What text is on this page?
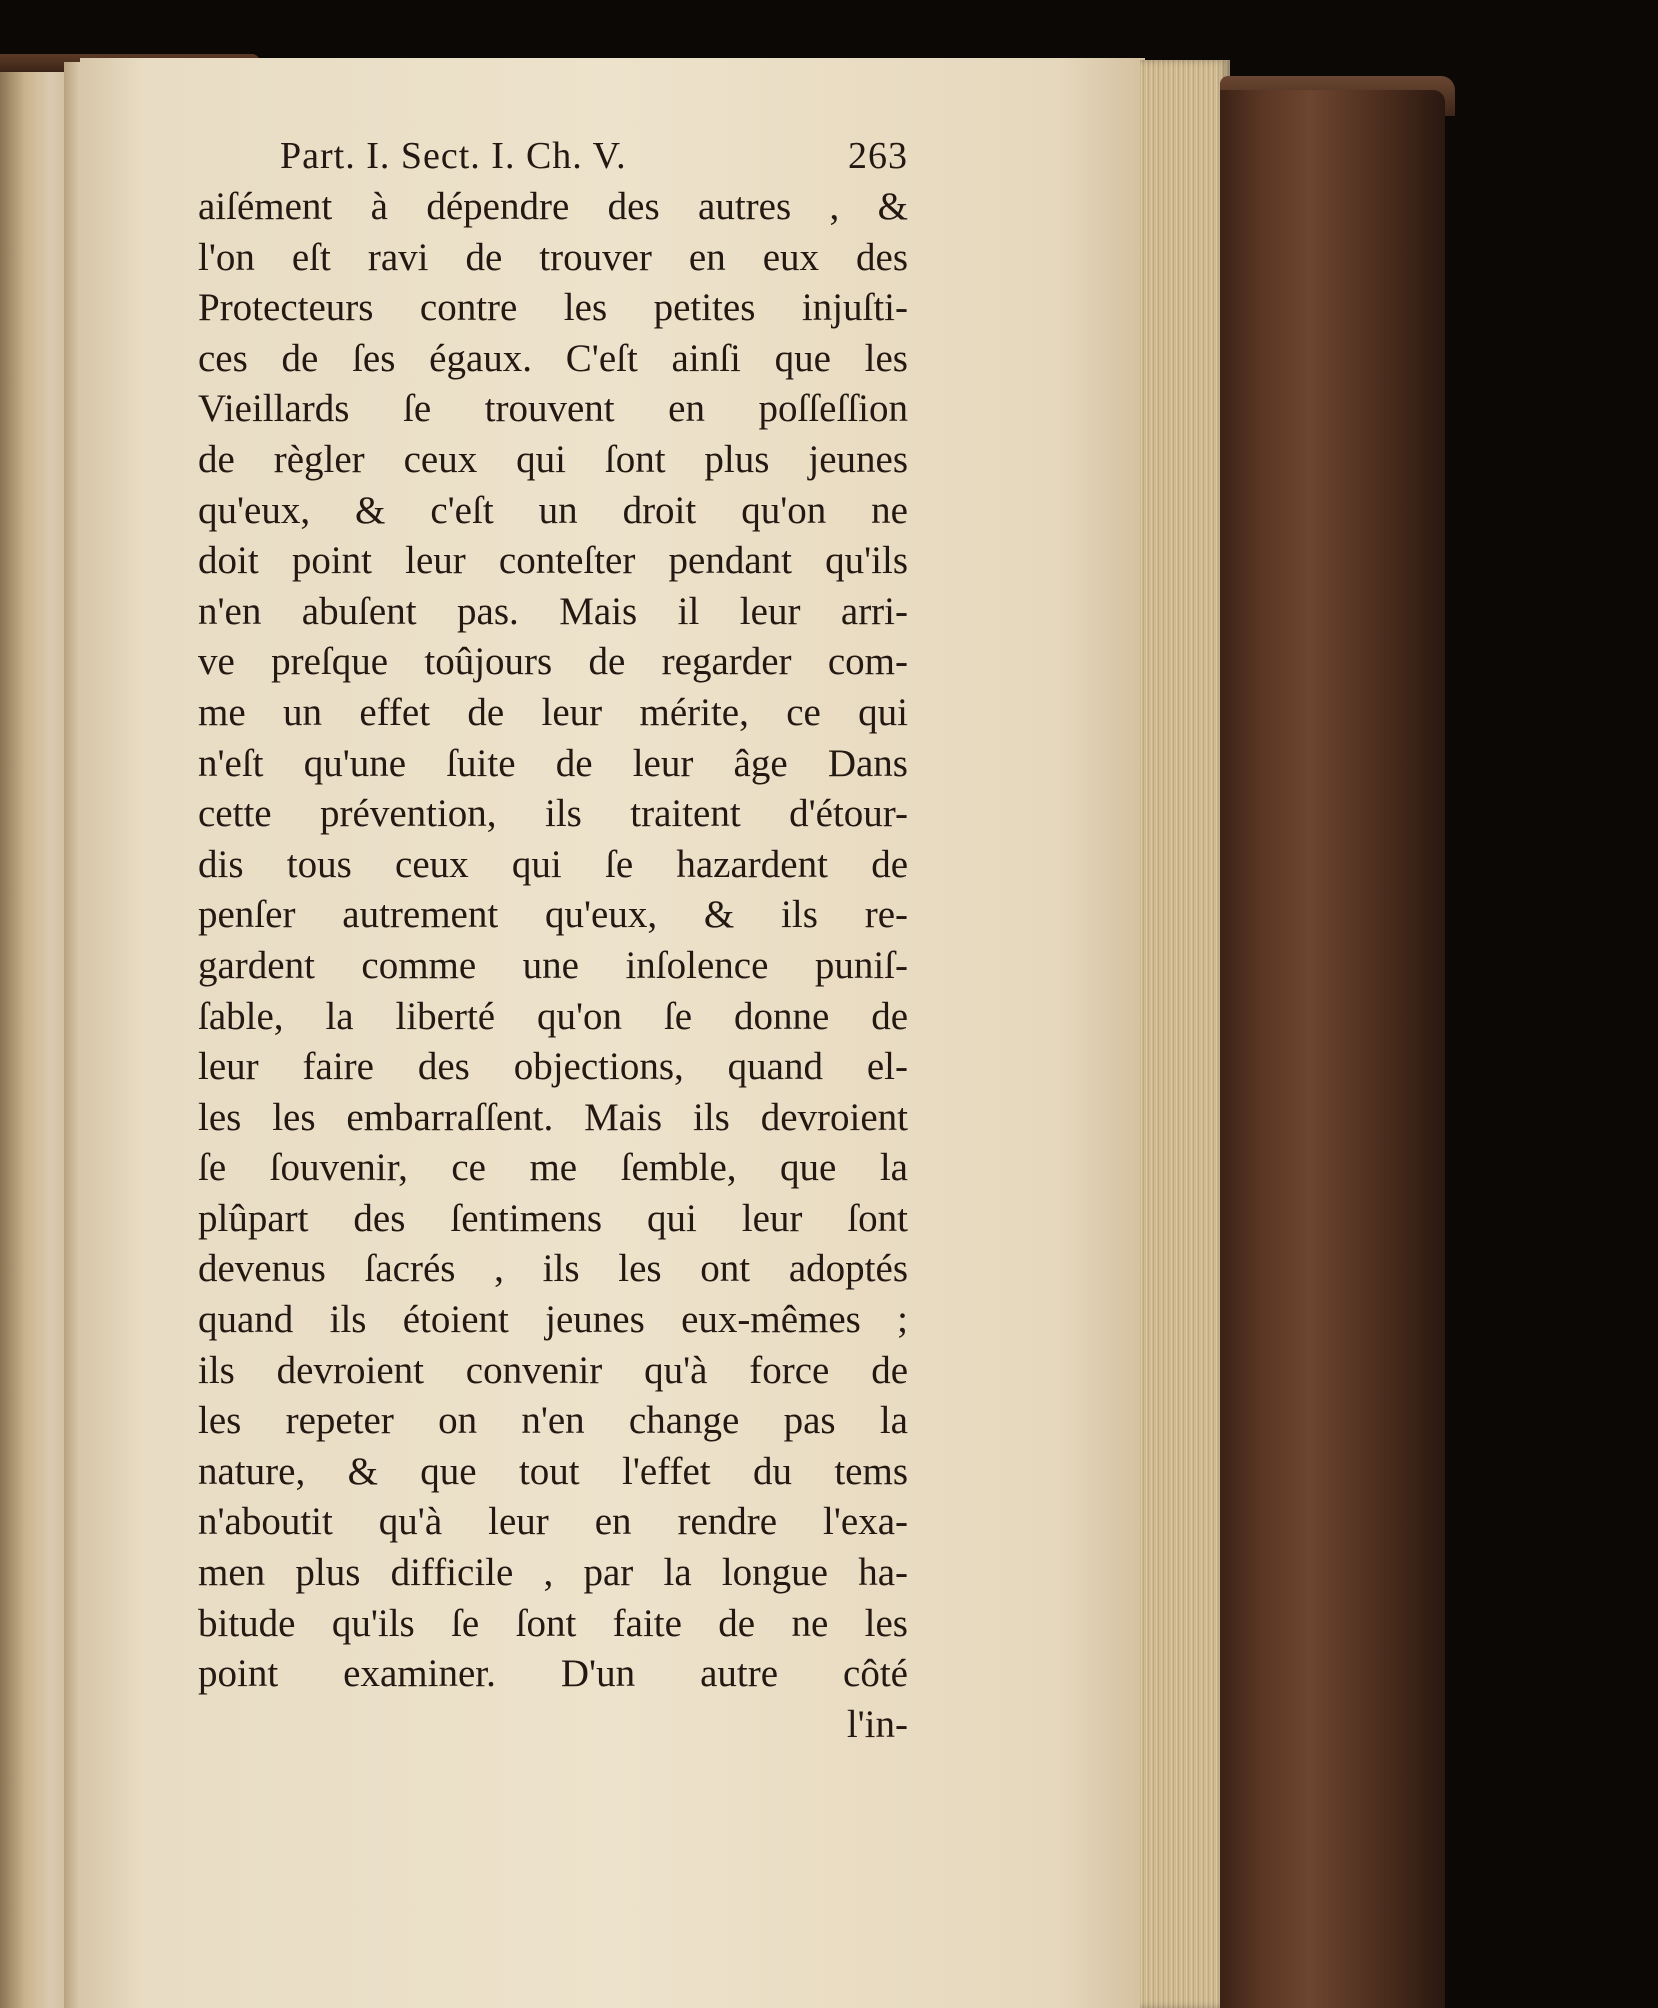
Part. I. Sect. I. Ch. V.	263
aiſément à dépendre des autres , &
l'on eſt ravi de trouver en eux des
Protecteurs contre les petites injuſti-
ces de ſes égaux. C'eſt ainſi que les
Vieillards ſe trouvent en poſſeſſion
de règler ceux qui ſont plus jeunes
qu'eux, & c'eſt un droit qu'on ne
doit point leur conteſter pendant qu'ils
n'en abuſent pas. Mais il leur arri-
ve preſque toûjours de regarder com-
me un effet de leur mérite, ce qui
n'eſt qu'une ſuite de leur âge Dans
cette prévention, ils traitent d'étour-
dis tous ceux qui ſe hazardent de
penſer autrement qu'eux, & ils re-
gardent comme une inſolence puniſ-
ſable, la liberté qu'on ſe donne de
leur faire des objections, quand el-
les les embarraſſent. Mais ils devroient
ſe ſouvenir, ce me ſemble, que la
plûpart des ſentimens qui leur ſont
devenus ſacrés , ils les ont adoptés
quand ils étoient jeunes eux-mêmes ;
ils devroient convenir qu'à force de
les repeter on n'en change pas la
nature, & que tout l'effet du tems
n'aboutit qu'à leur en rendre l'exa-
men plus difficile , par la longue ha-
bitude qu'ils ſe ſont faite de ne les
point examiner. D'un autre côté
l'in-
